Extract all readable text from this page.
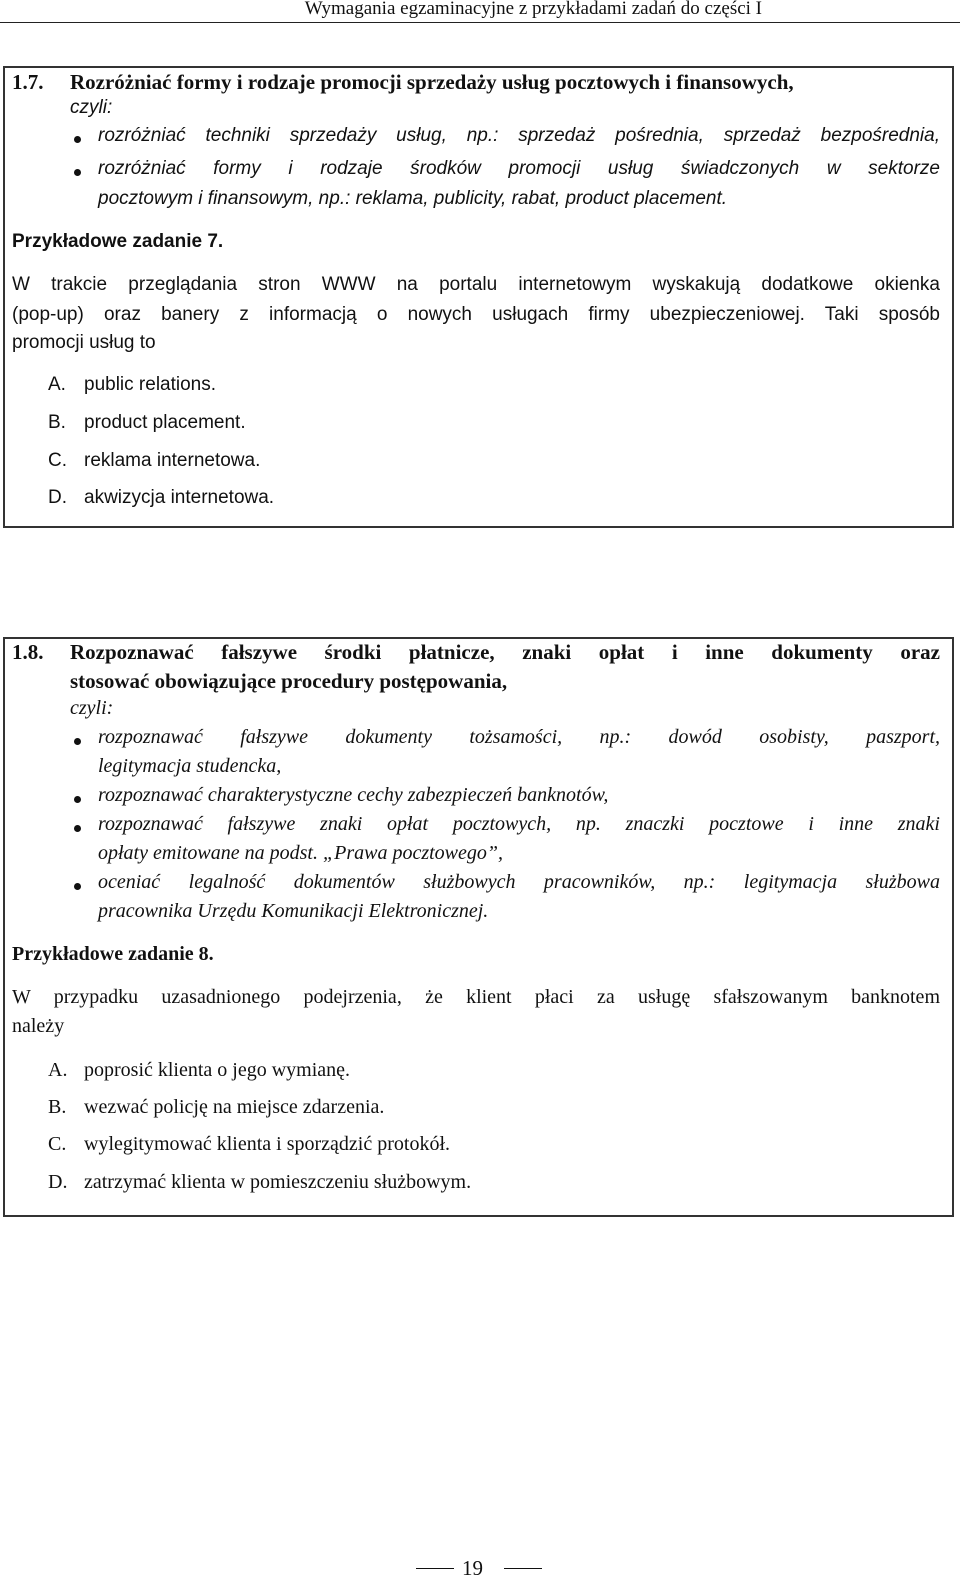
Wymagania egzaminacyjne z przykładami zadań do części I
1.7. Rozróżniać formy i rodzaje promocji sprzedaży usług pocztowych i finansowych,
czyli:
rozróżniać techniki sprzedaży usług, np.: sprzedaż pośrednia, sprzedaż bezpośrednia,
rozróżniać formy i rodzaje środków promocji usług świadczonych w sektorze
pocztowym i finansowym, np.: reklama, publicity, rabat, product placement.
Przykładowe zadanie 7.
W trakcie przeglądania stron WWW na portalu internetowym wyskakują dodatkowe okienka
(pop-up) oraz banery z informacją o nowych usługach firmy ubezpieczeniowej. Taki sposób
promocji usług to
A. public relations.
B. product placement.
C. reklama internetowa.
D. akwizycja internetowa.
1.8. Rozpoznawać fałszywe środki płatnicze, znaki opłat i inne dokumenty oraz
stosować obowiązujące procedury postępowania,
czyli:
rozpoznawać fałszywe dokumenty tożsamości, np.: dowód osobisty, paszport,
legitymacja studencka,
rozpoznawać charakterystyczne cechy zabezpieczeń banknotów,
rozpoznawać fałszywe znaki opłat pocztowych, np. znaczki pocztowe i inne znaki
opłaty emitowane na podst. „Prawa pocztowego”,
oceniać legalność dokumentów służbowych pracowników, np.: legitymacja służbowa
pracownika Urzędu Komunikacji Elektronicznej.
Przykładowe zadanie 8.
W przypadku uzasadnionego podejrzenia, że klient płaci za usługę sfałszowanym banknotem
należy
A. poprosić klienta o jego wymianę.
B. wezwać policję na miejsce zdarzenia.
C. wylegitymować klienta i sporządzić protokół.
D. zatrzymać klienta w pomieszczeniu służbowym.
19
